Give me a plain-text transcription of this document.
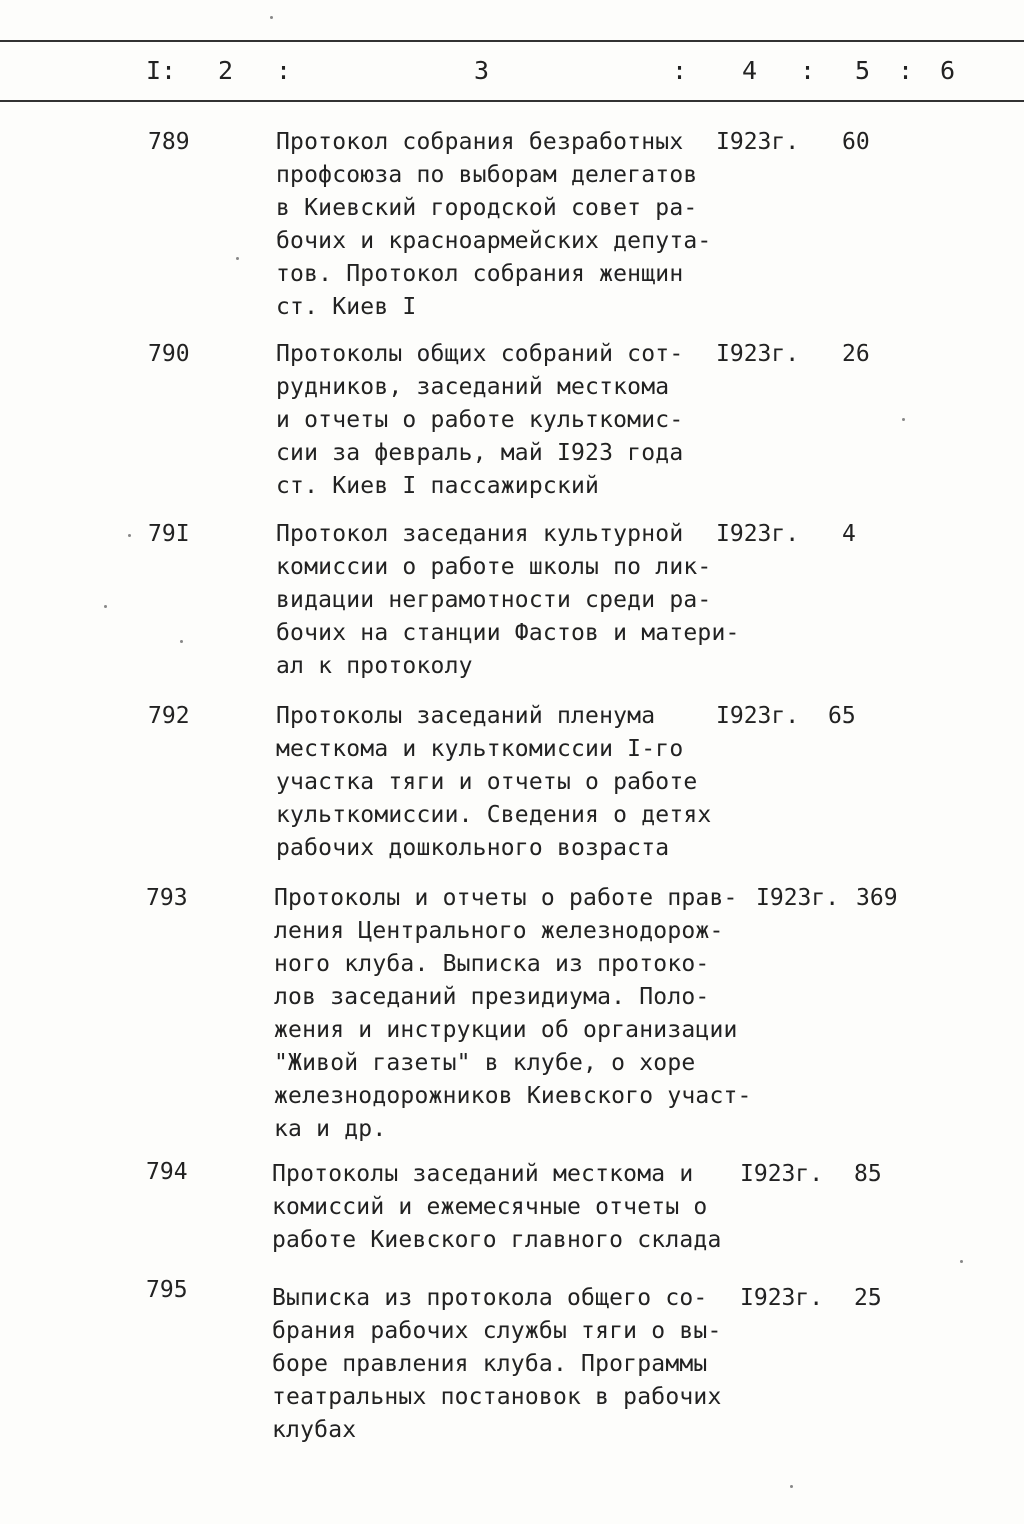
I: 2 :	3	: 4 : 5 : 6
789	Протокол собрания безработных
профсоюза по выборам делегатов
в Киевский городской совет ра-
бочих и красноармейских депута-
тов. Протокол собрания женщин
ст. Киев I
I923г. 60
790	Протоколы общих собраний сот-
рудников, заседаний месткома
и отчеты о работе культкомис-
сии за февраль, май I923 года
ст. Киев I пассажирский
I923г. 26
79I	Протокол заседания культурной
комиссии о работе школы по лик-
видации неграмотности среди ра-
бочих на станции Фастов и матери-
ал к протоколу
I923г. 4
792	Протоколы заседаний пленума
месткома и культкомиссии I-го
участка тяги и отчеты о работе
культкомиссии. Сведения о детях
рабочих дошкольного возраста
I923г. 65
793	Протоколы и отчеты о работе прав-
ления Центрального железнодорож-
ного клуба. Выписка из протоко-
лов заседаний президиума. Поло-
жения и инструкции об организации
"Живой газеты" в клубе, о хоре
железнодорожников Киевского участ-
ка и др.
I923г. 369
794	Протоколы заседаний месткома и
комиссий и ежемесячные отчеты о
работе Киевского главного склада
I923г. 85
795	Выписка из протокола общего со-
брания рабочих службы тяги о вы-
боре правления клуба. Программы
театральных постановок в рабочих
клубах
I923г. 25
